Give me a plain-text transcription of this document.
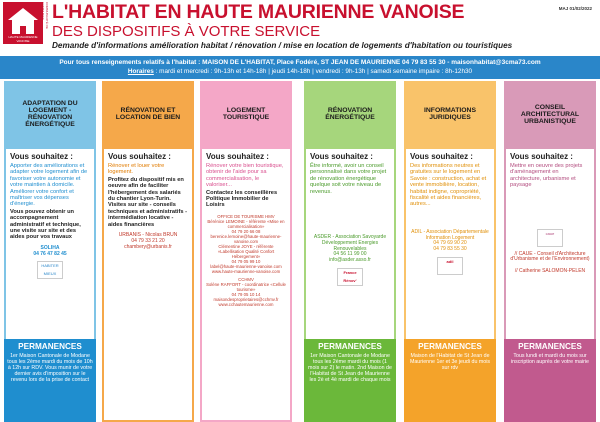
HAUTE MAURIENNE VANOISE
COMMUNAUTÉ DE COMMUNES L'HABITAT EN HAUTE MAURIENNE VANOISE
DES DISPOSITIFS À VOTRE SERVICE
MAJ 01/02/2022
Demande d'informations amélioration habitat / rénovation / mise en location de logements d'habitation ou touristiques
Pour tous renseignements relatifs à l'habitat : MAISON DE L'HABITAT, Place Fodéré, ST JEAN DE MAURIENNE 04 79 83 55 30 - maisonhabitat@3cma73.com
Horaires : mardi et mercredi : 9h-13h et 14h-18h | jeudi 14h-18h | vendredi : 9h-13h | samedi semaine impaire : 8h-12h30
ADAPTATION DU LOGEMENT - RÉNOVATION ÉNERGÉTIQUE
Vous souhaitez :
Apporter des améliorations et adapter votre logement afin de favoriser votre autonomie et votre maintien à domicile. Améliorer votre confort et maîtriser vos dépenses d'énergie.
Vous pouvez obtenir un accompagnement administratif et technique, une visite sur site et des aides pour vos travaux
SOLIHA
04 76 47 82 45
HABITER MIEUX
PERMANENCES
1er Maison Cantonale de Modane tous les 2ème mardi du mois de 10h à 12h sur RDV. Vous munir de votre dernier avis d'imposition sur le revenu lors de la prise de contact
RÉNOVATION ET LOCATION DE BIEN
Vous souhaitez :
Rénover et louer votre logement.
Profitez du dispositif mis en oeuvre afin de faciliter l'hébergement des salariés du chantier Lyon-Turin. Visites sur site - conseils techniques et administratifs - intermédiation locative - aides financières
URBANIS - Nicolas BRUN
04 79 33 21 20
chambery@urbanis.fr
LOGEMENT TOURISTIQUE
Vous souhaitez :
Rénover votre bien touristique, obtenir de l'aide pour sa commercialisation, le valoriser...
Contactez les conseillères Politique Immobilier de Loisirs
OFFICE DE TOURISME HMV
Bérénice LEMOINE - référente «Mise en commercialisation»
04 79 20 66 08
berenice.lemoine@haute-maurienne-vanoise.com
Clémentine JOYE - référente «Labellisation Qualité Confort Hébergement»
04 79 05 99 10
label@haute-maurienne-vanoise.com
www.haute-maurienne-vanoise.com
CCHMV
Solène RAFFORT - coordinatrice «Cellule tourisme»
04 79 05 10 14
maisondesproprietaires@cchmv.fr
www.cchautemaurienne.com
RÉNOVATION ÉNERGÉTIQUE
Vous souhaitez :
Être informé, avoir un conseil personnalisé dans votre projet de rénovation énergétique quelque soit votre niveau de revenus.
ASDER - Association Savoyarde Développement Energies Renouvelables
04 56 11 99 00
info@asder.asso.fr
France Rénov'
PERMANENCES
1er Maison Cantonale de Modane tous les 2ème mardi du mois (1 mois sur 2) le matin. 2nd Maison de l'Habitat de St Jean de Maurienne les 2è et 4è mardi de chaque mois
INFORMATIONS JURIDIQUES
Vous souhaitez :
Des informations neutres et gratuites sur le logement en Savoie : construction, achat et vente immobilière, location, habitat indigne, copropriété, fiscalité et aides financières, autres...
ADIL - Association Départementale Information Logement
04 79 69 90 20
04 79 83 55 30
adil
PERMANENCES
Maison de l'Habitat de St Jean de Maurienne 1er et 3e jeudi du mois sur rdv
CONSEIL ARCHITECTURAL URBANISTIQUE
Vous souhaitez :
Mettre en oeuvre des projets d'aménagement en architecture, urbanisme et paysage
caue
// CAUE - Conseil d'Architecture d'Urbanisme et de l'Environnement)

// Catherine SALOMON-PELEN
PERMANENCES
Tous lundi et mardi du mois sur inscription auprès de votre mairie
